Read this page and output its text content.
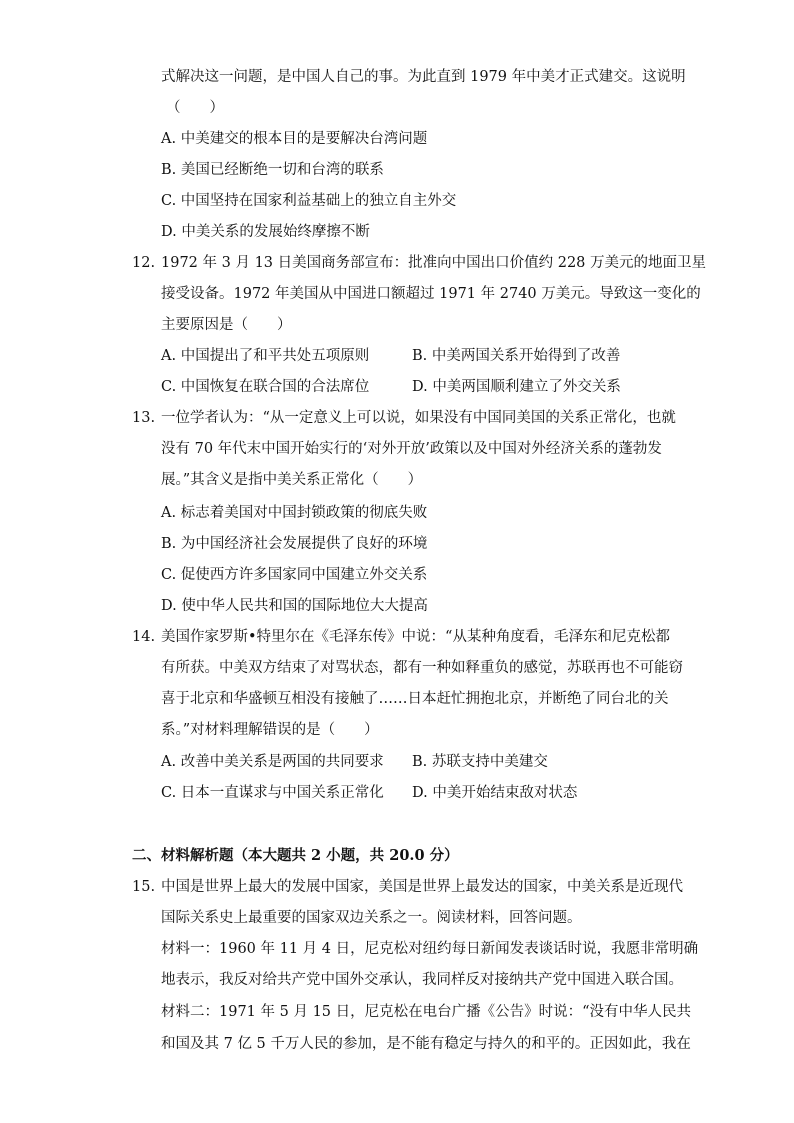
式解决这一问题，是中国人自己的事。为此直到 1979 年中美才正式建交。这说明
（　　）
A. 中美建交的根本目的是要解决台湾问题
B. 美国已经断绝一切和台湾的联系
C. 中国坚持在国家利益基础上的独立自主外交
D. 中美关系的发展始终摩擦不断
12. 1972 年 3 月 13 日美国商务部宣布：批准向中国出口价值约 228 万美元的地面卫星
接受设备。1972 年美国从中国进口额超过 1971 年 2740 万美元。导致这一变化的
主要原因是（　　）
A. 中国提出了和平共处五项原则	B. 中美两国关系开始得到了改善
C. 中国恢复在联合国的合法席位	D. 中美两国顺利建立了外交关系
13. 一位学者认为：“从一定意义上可以说，如果没有中国同美国的关系正常化，也就
没有 70 年代末中国开始实行的‘对外开放’政策以及中国对外经济关系的蓬勃发
展。”其含义是指中美关系正常化（　　）
A. 标志着美国对中国封锁政策的彻底失败
B. 为中国经济社会发展提供了良好的环境
C. 促使西方许多国家同中国建立外交关系
D. 使中华人民共和国的国际地位大大提高
14. 美国作家罗斯•特里尔在《毛泽东传》中说：“从某种角度看，毛泽东和尼克松都
有所获。中美双方结束了对骂状态，都有一种如释重负的感觉，苏联再也不可能窃
喜于北京和华盛顿互相没有接触了……日本赶忙拥抱北京，并断绝了同台北的关
系。”对材料理解错误的是（　　）
A. 改善中美关系是两国的共同要求 B. 苏联支持中美建交
C. 日本一直谋求与中国关系正常化 D. 中美开始结束敌对状态
二、材料解析题（本大题共 2 小题，共 20.0 分）
15. 中国是世界上最大的发展中国家，美国是世界上最发达的国家，中美关系是近现代
国际关系史上最重要的国家双边关系之一。阅读材料，回答问题。
材料一：1960 年 11 月 4 日，尼克松对纽约每日新闻发表谈话时说，我愿非常明确
地表示，我反对给共产党中国外交承认，我同样反对接纳共产党中国进入联合国。
材料二：1971 年 5 月 15 日，尼克松在电台广播《公告》时说：“没有中华人民共
和国及其 7 亿 5 千万人民的参加，是不能有稳定与持久的和平的。正因如此，我在
